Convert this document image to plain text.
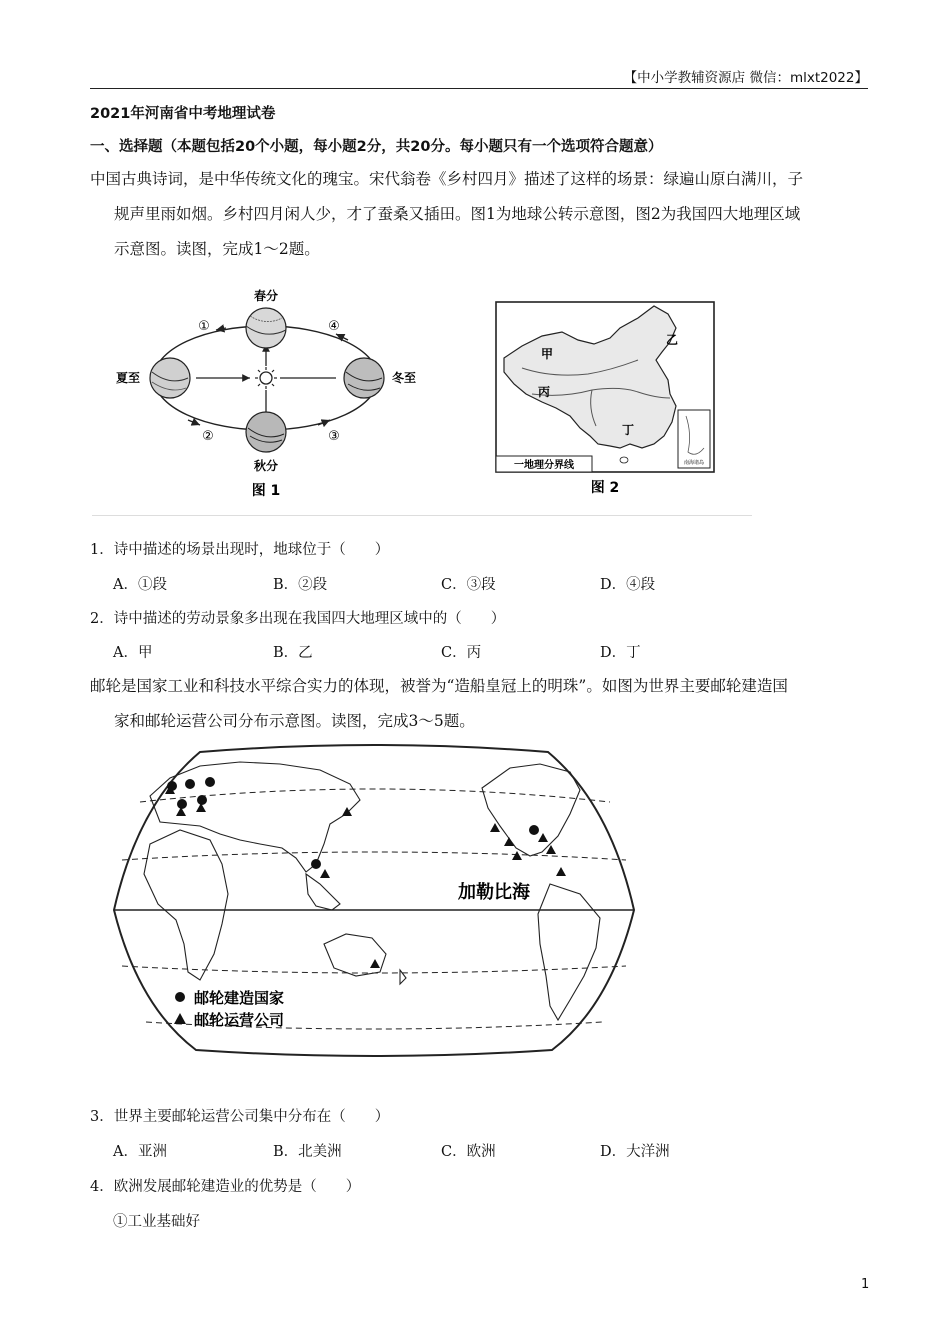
【中小学教辅资源店 微信：mlxt2022】
2021年河南省中考地理试卷
一、选择题（本题包括20个小题，每小题2分，共20分。每小题只有一个选项符合题意）
中国古典诗词，是中华传统文化的瑰宝。宋代翁卷《乡村四月》描述了这样的场景：绿遍山原白满川，子
规声里雨如烟。乡村四月闲人少，才了蚕桑又插田。图1为地球公转示意图，图2为我国四大地理区域
示意图。读图，完成1～2题。
春分
夏至	冬至
秋分
①
②	③
④
图 1
南海诸岛
甲
乙
丙
丁
一地理分界线
图 2
1．诗中描述的场景出现时，地球位于（　　）
A．①段	B．②段	C．③段	D．④段
2．诗中描述的劳动景象多出现在我国四大地理区域中的（　　）
A．甲	B．乙	C．丙	D．丁
邮轮是国家工业和科技水平综合实力的体现，被誉为“造船皇冠上的明珠”。如图为世界主要邮轮建造国
家和邮轮运营公司分布示意图。读图，完成3～5题。
加勒比海
邮轮建造国家
邮轮运营公司
3．世界主要邮轮运营公司集中分布在（　　）
A．亚洲	B．北美洲	C．欧洲	D．大洋洲
4．欧洲发展邮轮建造业的优势是（　　）
①工业基础好
1
